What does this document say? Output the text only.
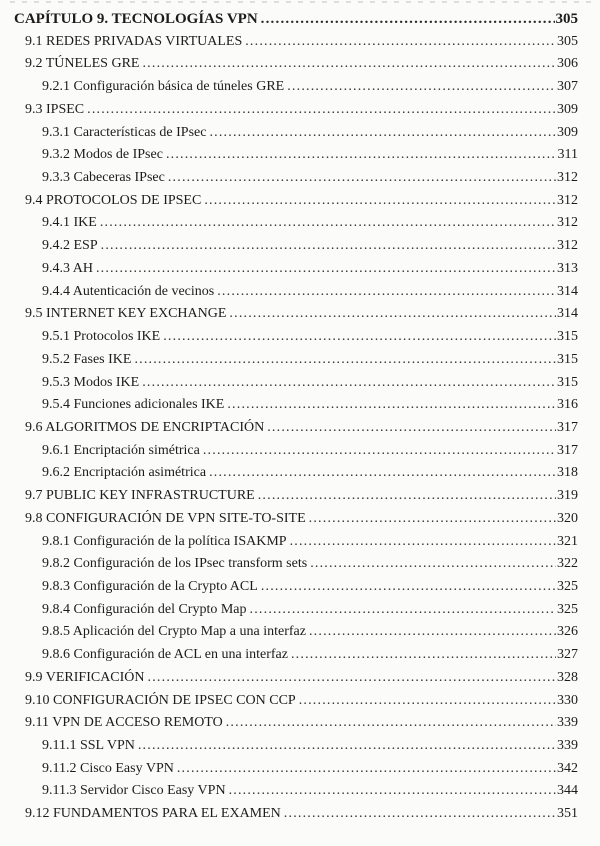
CAPÍTULO 9. TECNOLOGÍAS VPN .....	305
9.1 REDES PRIVADAS VIRTUALES .....	305
9.2 TÚNELES GRE .....	306
9.2.1 Configuración básica de túneles GRE .....	307
9.3 IPSEC .....	309
9.3.1 Características de IPsec .....	309
9.3.2 Modos de IPsec .....	311
9.3.3 Cabeceras IPsec .....	312
9.4 PROTOCOLOS DE IPSEC .....	312
9.4.1 IKE .....	312
9.4.2 ESP .....	312
9.4.3 AH .....	313
9.4.4 Autenticación de vecinos .....	314
9.5 INTERNET KEY EXCHANGE .....	314
9.5.1 Protocolos IKE .....	315
9.5.2 Fases IKE .....	315
9.5.3 Modos IKE .....	315
9.5.4 Funciones adicionales IKE .....	316
9.6 ALGORITMOS DE ENCRIPTACIÓN .....	317
9.6.1 Encriptación simétrica .....	317
9.6.2 Encriptación asimétrica .....	318
9.7 PUBLIC KEY INFRASTRUCTURE .....	319
9.8 CONFIGURACIÓN DE VPN SITE-TO-SITE .....	320
9.8.1 Configuración de la política ISAKMP .....	321
9.8.2 Configuración de los IPsec transform sets .....	322
9.8.3 Configuración de la Crypto ACL .....	325
9.8.4 Configuración del Crypto Map .....	325
9.8.5 Aplicación del Crypto Map a una interfaz .....	326
9.8.6 Configuración de ACL en una interfaz .....	327
9.9 VERIFICACIÓN .....	328
9.10 CONFIGURACIÓN DE IPSEC CON CCP .....	330
9.11 VPN DE ACCESO REMOTO .....	339
9.11.1 SSL VPN .....	339
9.11.2 Cisco Easy VPN .....	342
9.11.3 Servidor Cisco Easy VPN .....	344
9.12 FUNDAMENTOS PARA EL EXAMEN .....	351
